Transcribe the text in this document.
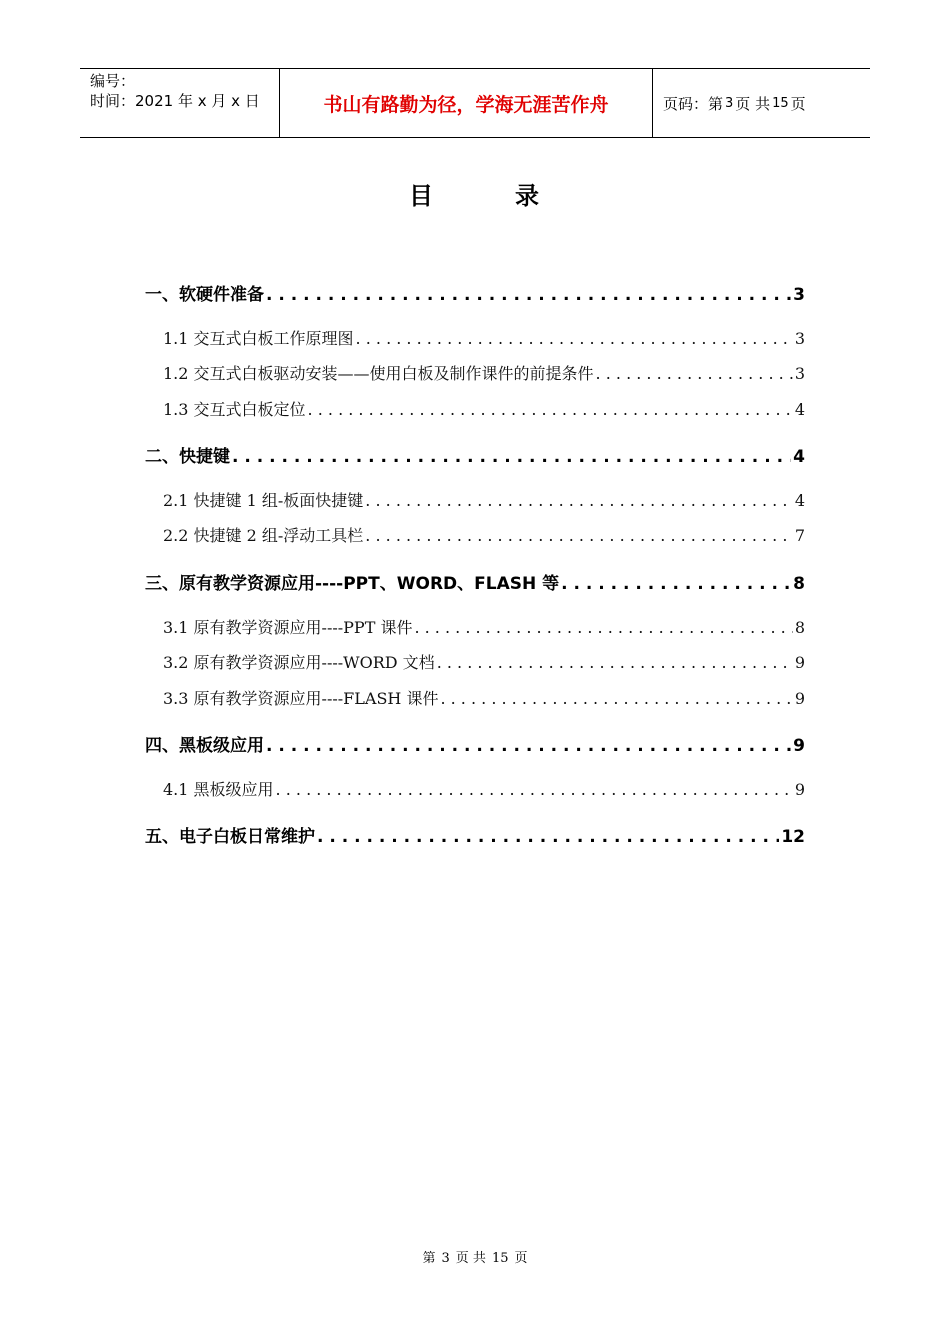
编号：
时间：2021 年 x 月 x 日	书山有路勤为径，学海无涯苦作舟	页码：第 3 页 共 15 页
目	录
一、软硬件准备 . . .	3
1.1 交互式白板工作原理图 . . .	3
1.2 交互式白板驱动安装——使用白板及制作课件的前提条件 . . .	3
1.3 交互式白板定位 . . .	4
二、快捷键 . . .	4
2.1 快捷键 1 组-板面快捷键 . . .	4
2.2 快捷键 2 组-浮动工具栏 . . .	7
三、原有教学资源应用----PPT、WORD、FLASH 等 . . .	8
3.1 原有教学资源应用----PPT 课件 . . .	8
3.2 原有教学资源应用----WORD 文档 . . .	9
3.3 原有教学资源应用----FLASH 课件 . . .	9
四、黑板级应用 . . .	9
4.1 黑板级应用 . . .	9
五、电子白板日常维护 . . .	12
第 3 页 共 15 页
